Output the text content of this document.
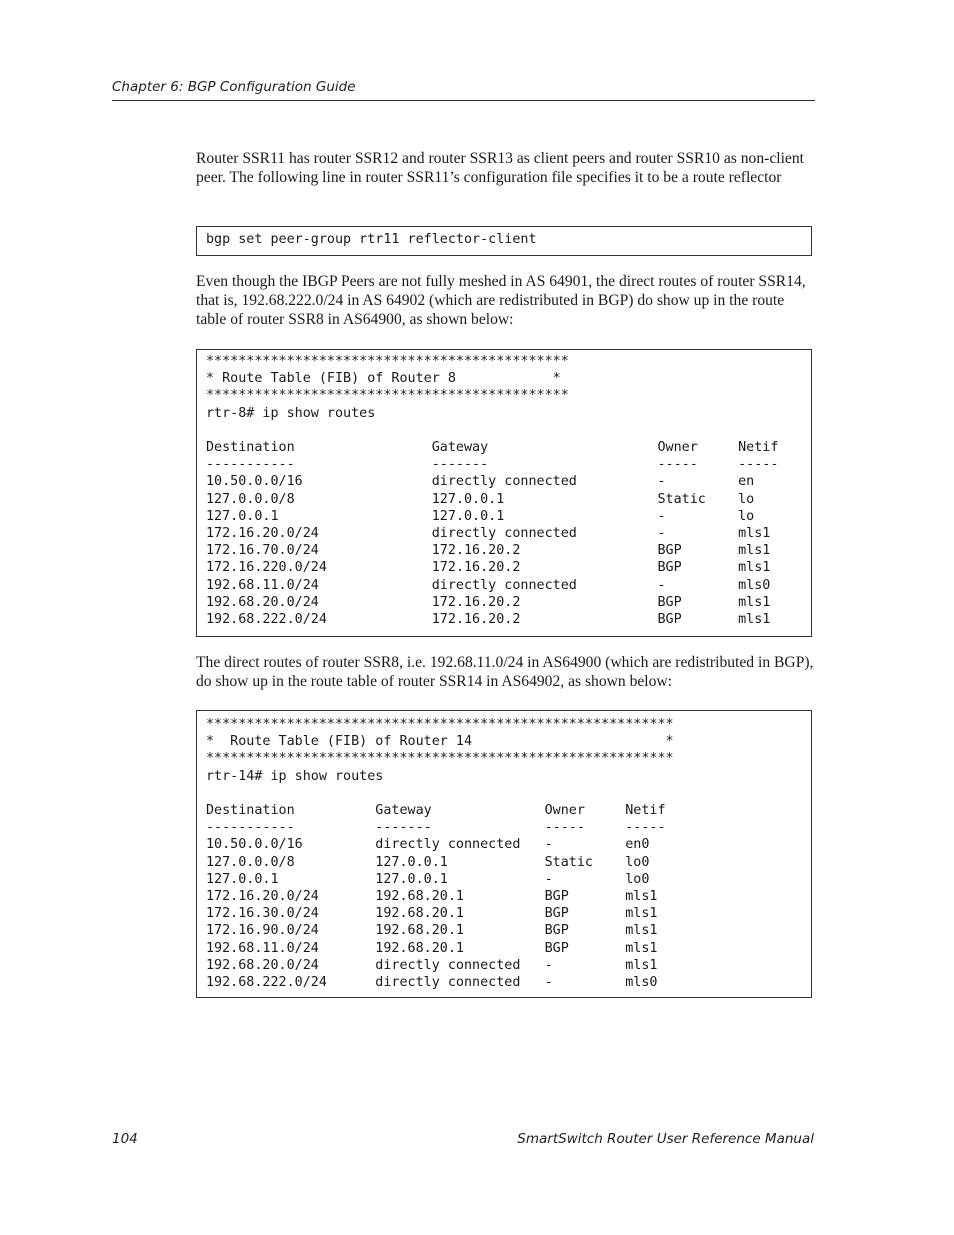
Chapter 6: BGP Configuration Guide

Router SSR11 has router SSR12 and router SSR13 as client peers and router SSR10 as non-client peer. The following line in router SSR11’s configuration file specifies it to be a route reflector

bgp set peer-group rtr11 reflector-client

Even though the IBGP Peers are not fully meshed in AS 64901, the direct routes of router SSR14, that is, 192.68.222.0/24 in AS 64902 (which are redistributed in BGP) do show up in the route table of router SSR8 in AS64900, as shown below:

*********************************************
* Route Table (FIB) of Router 8            *
*********************************************
rtr-8# ip show routes

Destination                 Gateway                     Owner     Netif
-----------                 -------                     -----     -----
10.50.0.0/16                directly connected          -         en
127.0.0.0/8                 127.0.0.1                   Static    lo
127.0.0.1                   127.0.0.1                   -         lo
172.16.20.0/24              directly connected          -         mls1
172.16.70.0/24              172.16.20.2                 BGP       mls1
172.16.220.0/24             172.16.20.2                 BGP       mls1
192.68.11.0/24              directly connected          -         mls0
192.68.20.0/24              172.16.20.2                 BGP       mls1
192.68.222.0/24             172.16.20.2                 BGP       mls1

The direct routes of router SSR8, i.e. 192.68.11.0/24 in AS64900 (which are redistributed in BGP), do show up in the route table of router SSR14 in AS64902, as shown below:

**********************************************************
*  Route Table (FIB) of Router 14                        *
**********************************************************
rtr-14# ip show routes

Destination          Gateway              Owner     Netif
-----------          -------              -----     -----
10.50.0.0/16         directly connected   -         en0
127.0.0.0/8          127.0.0.1            Static    lo0
127.0.0.1            127.0.0.1            -         lo0
172.16.20.0/24       192.68.20.1          BGP       mls1
172.16.30.0/24       192.68.20.1          BGP       mls1
172.16.90.0/24       192.68.20.1          BGP       mls1
192.68.11.0/24       192.68.20.1          BGP       mls1
192.68.20.0/24       directly connected   -         mls1
192.68.222.0/24      directly connected   -         mls0
104	SmartSwitch Router User Reference Manual
